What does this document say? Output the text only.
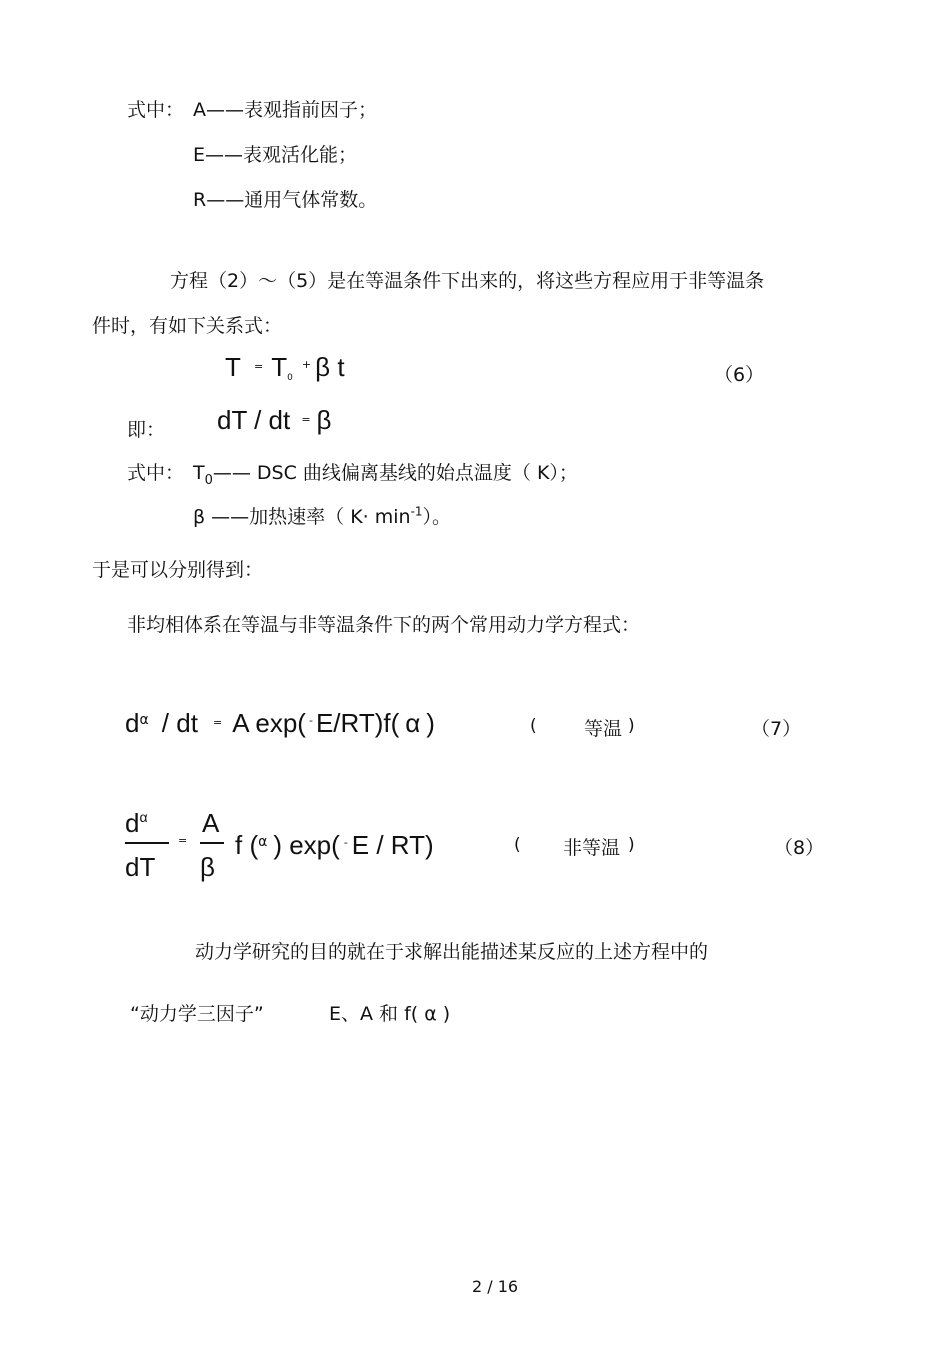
式中： A——表观指前因子；
E——表观活化能；
R——通用气体常数。
方程（2）～（5）是在等温条件下出来的，将这些方程应用于非等温条
件时，有如下关系式：
T = $T_0$ + β t	（6）
即： dT / dt = β
式中： $T_0——$ DSC 曲线偏离基线的始点温度（ K）；
β ——加热速率（ $K\cdot \min^{-1}$）。
于是可以分别得到：
非均相体系在等温与非等温条件下的两个常用动力学方程式：
dα / dt = A exp( - E/RT)f( α )	( 等温 )	（7）
$d^\alpha$
dT
=
A
β
f (α ) exp( - E / RT)	( 非等温 )	（8）
动力学研究的目的就在于求解出能描述某反应的上述方程中的
“动力学三因子”	E、A 和 f( α )
2 / 16
